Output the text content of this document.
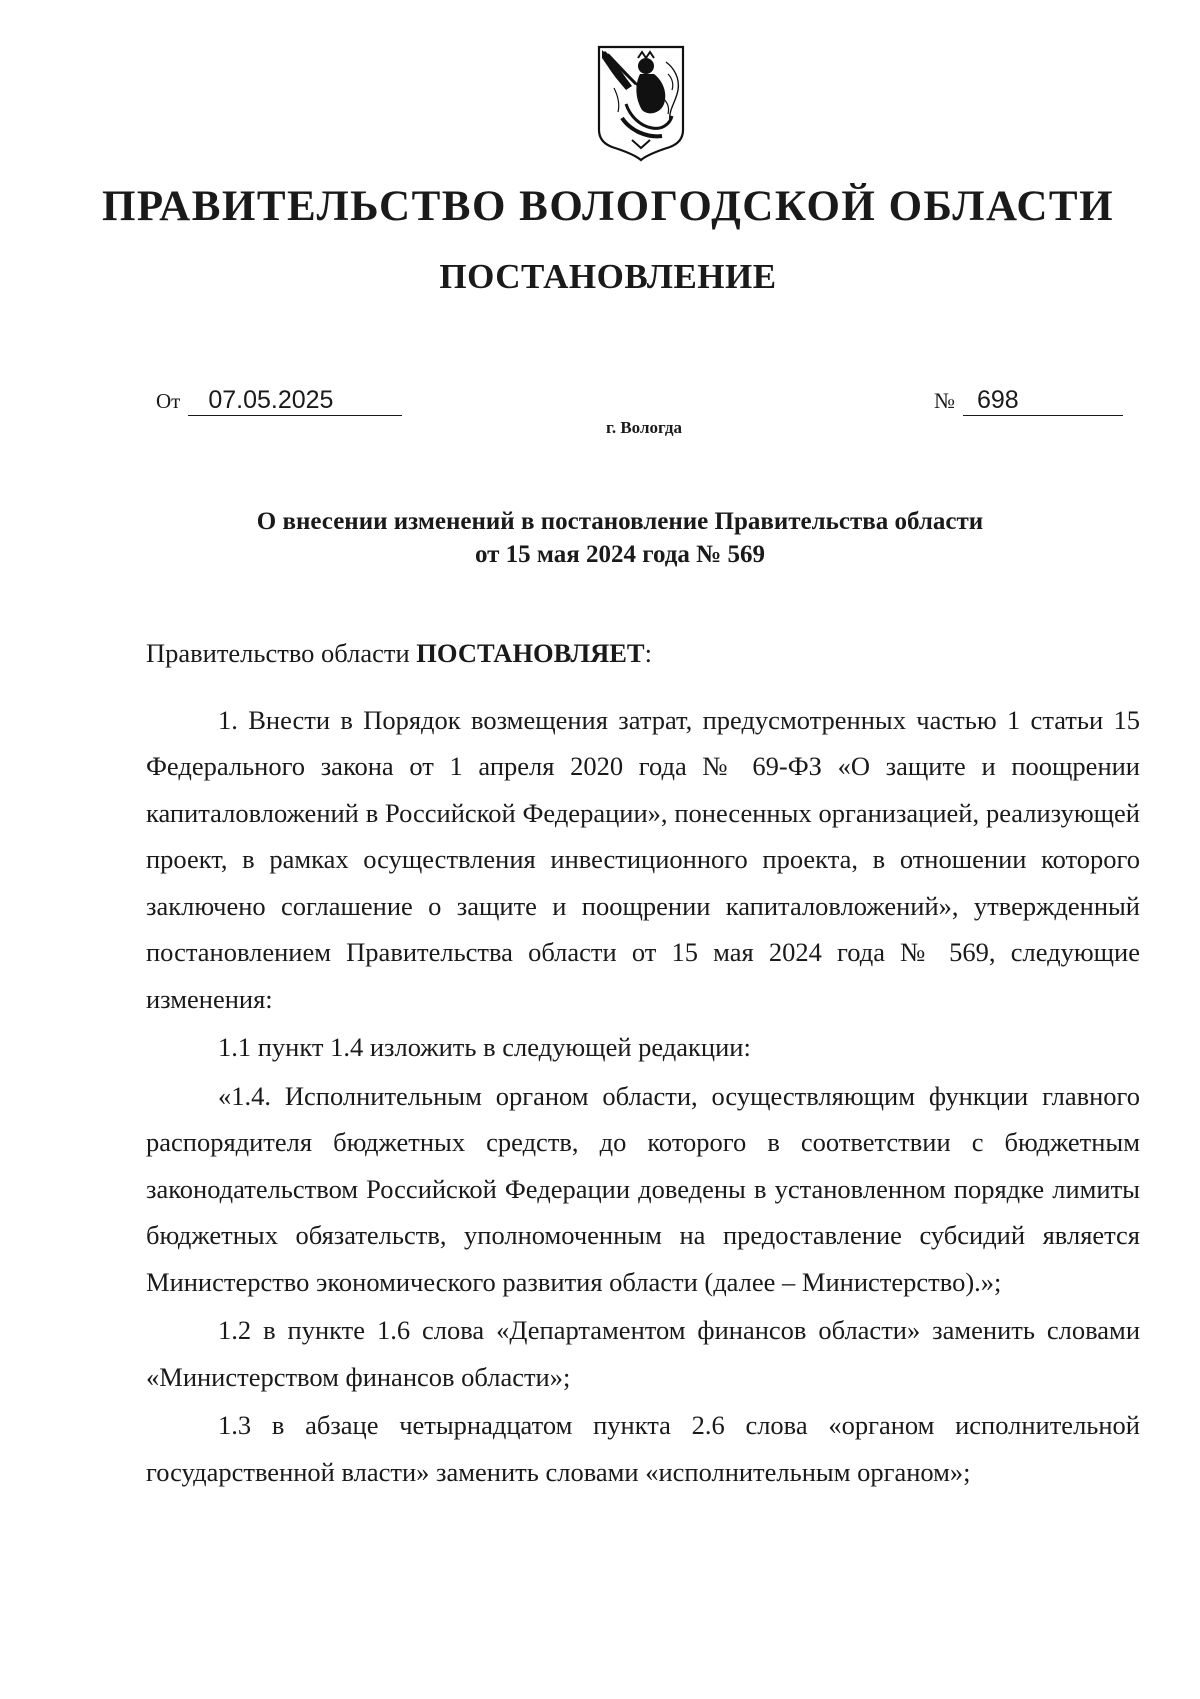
ПРАВИТЕЛЬСТВО ВОЛОГОДСКОЙ ОБЛАСТИ
ПОСТАНОВЛЕНИЕ
От 07.05.2025	№ 698
г. Вологда
О внесении изменений в постановление Правительства области
от 15 мая 2024 года № 569

Правительство области ПОСТАНОВЛЯЕТ:

1. Внести в Порядок возмещения затрат, предусмотренных частью 1 статьи 15 Федерального закона от 1 апреля 2020 года № 69-ФЗ «О защите и поощрении капиталовложений в Российской Федерации», понесенных организацией, реализующей проект, в рамках осуществления инвестиционного проекта, в отношении которого заключено соглашение о защите и поощрении капиталовложений», утвержденный постановлением Правительства области от 15 мая 2024 года № 569, следующие изменения:

1.1 пункт 1.4 изложить в следующей редакции:

«1.4. Исполнительным органом области, осуществляющим функции главного распорядителя бюджетных средств, до которого в соответствии с бюджетным законодательством Российской Федерации доведены в установленном порядке лимиты бюджетных обязательств, уполномоченным на предоставление субсидий является Министерство экономического развития области (далее – Министерство).»;

1.2 в пункте 1.6 слова «Департаментом финансов области» заменить словами «Министерством финансов области»;

1.3 в абзаце четырнадцатом пункта 2.6 слова «органом исполнительной государственной власти» заменить словами «исполнительным органом»;
